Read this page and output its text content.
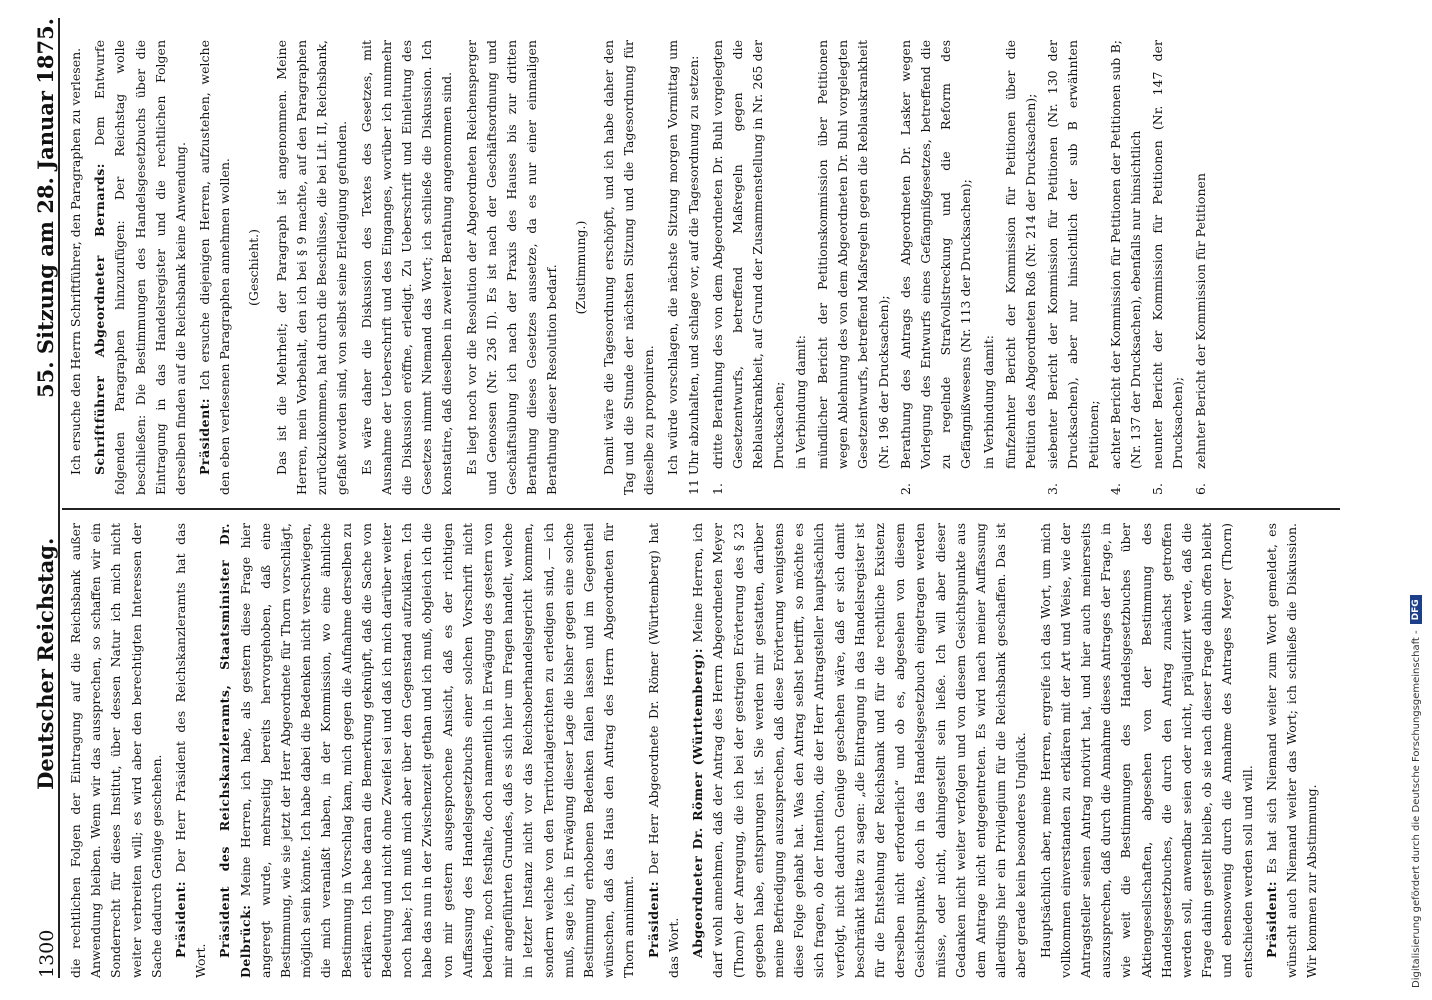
1300
Deutscher Reichstag.
55. Sitzung am 28. Januar 1875.

die rechtlichen Folgen der Eintragung auf die Reichsbank außer Anwendung bleiben. Wenn wir das aussprechen, so schaffen wir ein Sonderrecht für dieses Institut, über dessen Natur ich mich nicht weiter verbreiten will; es wird aber den berechtigten Interessen der Sache dadurch Genüge geschehen. Präsident: Der Herr Präsident des Reichskanzleramts hat das Wort.

Präsident des Reichskanzleramts, Staatsminister Dr. Delbrück: Meine Herren, ich habe, als gestern diese Frage hier angeregt wurde, mehrseitig bereits hervorgehoben, daß eine Bestimmung, wie sie jetzt der Herr Abgeordnete für Thorn vorschlägt, möglich sein könnte. Ich habe dabei die Bedenken nicht verschwiegen, die mich veranlaßt haben, in der Kommission, wo eine ähnliche Bestimmung in Vorschlag kam, mich gegen die Aufnahme derselben zu erklären. Ich habe daran die Bemerkung geknüpft, daß die Sache von Bedeutung und nicht ohne Zweifel sei und daß ich mich darüber weiter noch habe; Ich muß mich aber über den Gegenstand aufzuklären. Ich habe das nun in der Zwischenzeit gethan und ich muß, obgleich ich die von mir gestern ausgesprochene Ansicht, daß es der richtigen Auffassung des Handelsgesetzbuchs einer solchen Vorschrift nicht bedürfe, noch festhalte, doch namentlich in Erwägung des gestern von mir angeführten Grundes, daß es sich hier um Fragen handelt, welche in letzter Instanz nicht vor das Reichsoberhandelsgericht kommen, sondern welche von den Territorialgerichten zu erledigen sind, — ich muß, sage ich, in Erwägung dieser Lage die bisher gegen eine solche Bestimmung erhobenen Bedenken fallen lassen und im Gegentheil wünschen, daß das Haus den Antrag des Herrn Abgeordneten für Thorn annimmt. Präsident: Der Herr Abgeordnete Dr. Römer (Württemberg) hat das Wort. Abgeordneter Dr. Römer (Württemberg): Meine Herren, ich darf wohl annehmen, daß der Antrag des Herrn Abgeordneten Meyer (Thorn) der Anregung, die ich bei der gestrigen Erörterung des § 23 gegeben habe, entsprungen ist. Sie werden mir gestatten, darüber meine Befriedigung auszusprechen, daß diese Erörterung wenigstens diese Folge gehabt hat. Was den Antrag selbst betrifft, so möchte es sich fragen, ob der Intention, die der Herr Antragsteller hauptsächlich verfolgt, nicht dadurch Genüge geschehen wäre, daß er sich damit beschränkt hätte zu sagen: „die Eintragung in das Handelsregister ist für die Entstehung der Reichsbank und für die rechtliche Existenz derselben nicht erforderlich“ und ob es, abgesehen von diesem Gesichtspunkte, doch in das Handelsgesetzbuch eingetragen werden müsse, oder nicht, dahingestellt sein ließe. Ich will aber dieser Gedanken nicht weiter verfolgen und von diesem Gesichtspunkte aus dem Antrage nicht entgegentreten. Es wird nach meiner Auffassung allerdings hier ein Privilegium für die Reichsbank geschaffen. Das ist aber gerade kein besonderes Unglück. Hauptsächlich aber, meine Herren, ergreife ich das Wort, um mich vollkommen einverstanden zu erklären mit der Art und Weise, wie der Antragsteller seinen Antrag motivirt hat, und hier auch meinerseits auszusprechen, daß durch die Annahme dieses Antrages der Frage, in wie weit die Bestimmungen des Handelsgesetzbuches über Aktiengesellschaften, abgesehen von der Bestimmung des Handelsgesetzbuches, die durch den Antrag zunächst getroffen werden soll, anwendbar seien oder nicht, präjudizirt werde, daß die Frage dahin gestellt bleibe, ob sie nach dieser Frage dahin offen bleibt und ebensowenig durch die Annahme des Antrages Meyer (Thorn) entschieden werden soll und will. Präsident: Es hat sich Niemand weiter zum Wort gemeldet, es wünscht auch Niemand weiter das Wort; ich schließe die Diskussion. Wir kommen zur Abstimmung.

Ich ersuche den Herrn Schriftführer, den Paragraphen zu verlesen. Schriftführer Abgeordneter Bernards: Dem Entwurfe folgenden Paragraphen hinzuzufügen: Der Reichstag wolle beschließen: Die Bestimmungen des Handelsgesetzbuchs über die Eintragung in das Handelsregister und die rechtlichen Folgen derselben finden auf die Reichsbank keine Anwendung. Präsident: Ich ersuche diejenigen Herren, aufzustehen, welche den eben verlesenen Paragraphen annehmen wollen. (Geschieht.) Das ist die Mehrheit; der Paragraph ist angenommen. Meine Herren, mein Vorbehalt, den ich bei § 9 machte, auf den Paragraphen zurückzukommen, hat durch die Beschlüsse, die bei Lit. II, Reichsbank, gefaßt worden sind, von selbst seine Erledigung gefunden. Es wäre daher die Diskussion des Textes des Gesetzes, mit Ausnahme der Ueberschrift und des Einganges, worüber ich nunmehr die Diskussion eröffne, erledigt. Zu Ueberschrift und Einleitung des Gesetzes nimmt Niemand das Wort; ich schließe die Diskussion. Ich konstatire, daß dieselben in zweiter Berathung angenommen sind. Es liegt noch vor die Resolution der Abgeordneten Reichensperger und Genossen (Nr. 236 II). Es ist nach der Geschäftsordnung und Geschäftsübung ich nach der Praxis des Hauses bis zur dritten Berathung dieses Gesetzes aussetze, da es nur einer einmaligen Berathung dieser Resolution bedarf. (Zustimmung.) Damit wäre die Tagesordnung erschöpft, und ich habe daher den Tag und die Stunde der nächsten Sitzung und die Tagesordnung für dieselbe zu proponiren. Ich würde vorschlagen, die nächste Sitzung morgen Vormittag um 11 Uhr abzuhalten, und schlage vor, auf die Tagesordnung zu setzen: 1.
dritte Berathung des von dem Abgeordneten Dr. Buhl vorgelegten Gesetzentwurfs, betreffend Maßregeln gegen die Reblauskrankheit, auf Grund der Zusammenstellung in Nr. 265 der Drucksachen; in Verbindung damit: mündlicher Bericht der Petitionskommission über Petitionen wegen Ablehnung des von dem Abgeordneten Dr. Buhl vorgelegten Gesetzentwurfs, betreffend Maßregeln gegen die Reblauskrankheit (Nr. 196 der Drucksachen);
2.
Berathung des Antrags des Abgeordneten Dr. Lasker wegen Vorlegung des Entwurfs eines Gefängnißgesetzes, betreffend die zu regelnde Strafvollstreckung und die Reform des Gefängnißwesens (Nr. 113 der Drucksachen); in Verbindung damit: fünfzehnter Bericht der Kommission für Petitionen über die Petition des Abgeordneten Roß (Nr. 214 der Drucksachen);
3.
siebenter Bericht der Kommission für Petitionen (Nr. 130 der Drucksachen), aber nur hinsichtlich der sub B erwähnten Petitionen;
4.
achter Bericht der Kommission für Petitionen der Petitionen sub B; (Nr. 137 der Drucksachen), ebenfalls nur hinsichtlich
5.
neunter Bericht der Kommission für Petitionen (Nr. 147 der Drucksachen);
6.
zehnter Bericht der Kommission für Petitionen
Digitalisierung gefördert durch die Deutsche Forschungsgemeinschaft -
DFG
